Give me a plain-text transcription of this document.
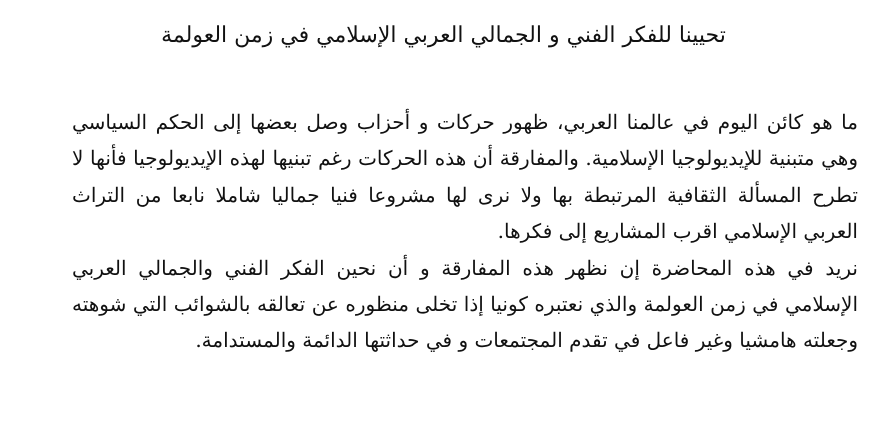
تحيينا للفكر الفني و الجمالي العربي الإسلامي في زمن العولمة

ما هو كائن اليوم في عالمنا العربي، ظهور حركات و أحزاب وصل بعضها إلى الحكم السياسي وهي متبنية للإيديولوجيا الإسلامية. والمفارقة أن هذه الحركات رغم تبنيها لهذه الإيديولوجيا فأنها لا تطرح المسألة الثقافية المرتبطة بها ولا نرى لها مشروعا فنيا جماليا شاملا نابعا من التراث العربي الإسلامي اقرب المشاريع إلى فكرها.

نريد في هذه المحاضرة إن نظهر هذه المفارقة و أن نحين الفكر الفني والجمالي العربي الإسلامي في زمن العولمة والذي نعتبره كونيا إذا تخلى منظوره عن تعالقه بالشوائب التي شوهته وجعلته هامشيا وغير فاعل في تقدم المجتمعات و في حداثتها الدائمة والمستدامة.
